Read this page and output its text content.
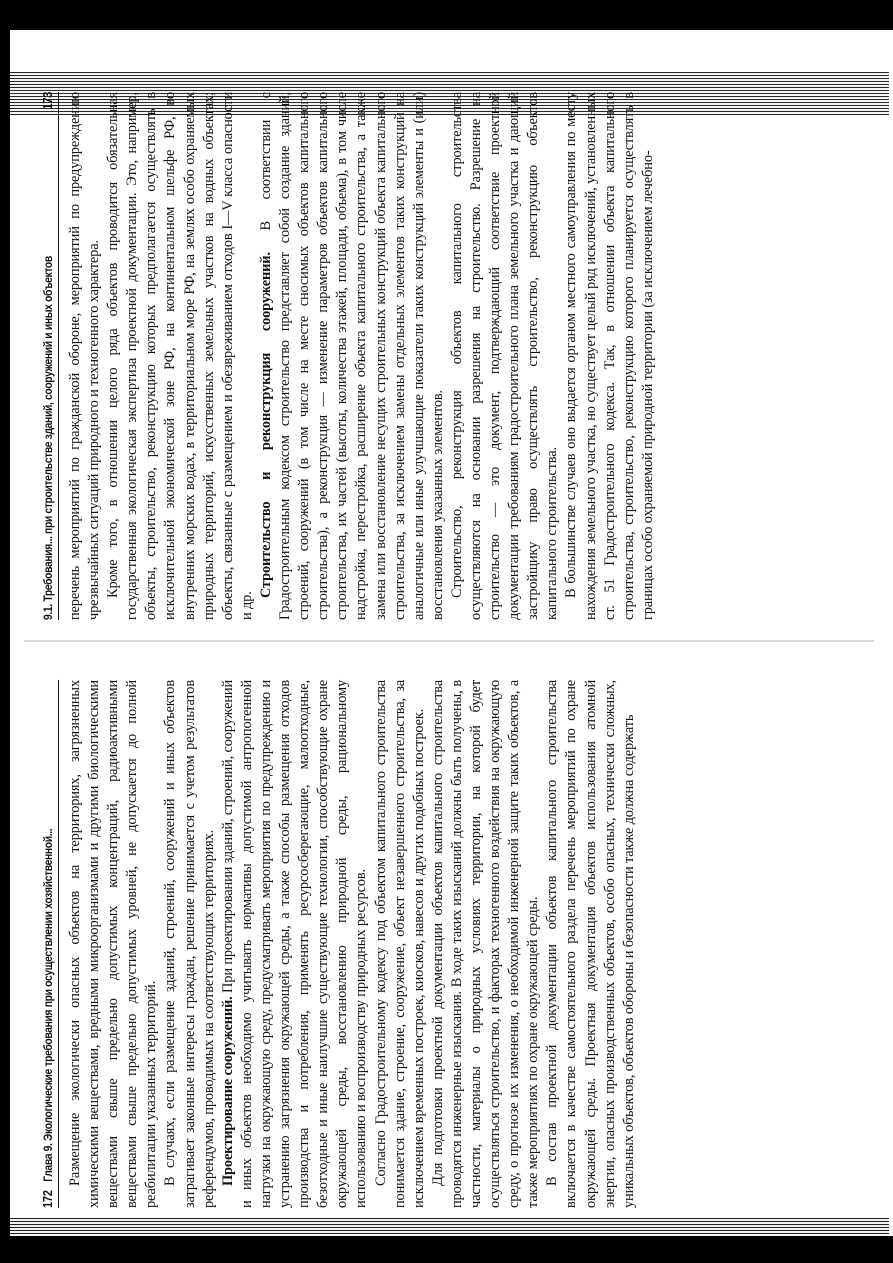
172
Глава 9. Экологические требования при осуществлении хозяйственной... Размещение экологически опасных объектов на территориях, загрязненных химическими веществами, вредными микроорганизмами и другими биологическими веществами свыше предельно допустимых концентраций, радиоактивными веществами свыше предельно допустимых уровней, не допускается до полной реабилитации указанных территорий. В случаях, если размещение зданий, строений, сооружений и иных объектов затрагивает законные интересы граждан, решение принимается с учетом результатов референдумов, проводимых на соответствующих территориях. Проектирование сооружений. При проектировании зданий, строений, сооружений и иных объектов необходимо учитывать нормативы допустимой антропогенной нагрузки на окружающую среду, предусматривать мероприятия по предупреждению и устранению загрязнения окружающей среды, а также способы размещения отходов производства и потребления, применять ресурсосберегающие, малоотходные, безотходные и иные наилучшие существующие технологии, способствующие охране окружающей среды, восстановлению природной среды, рациональному использованию и воспроизводству природных ресурсов. Согласно Градостроительному кодексу под объектом капитального строительства понимается здание, строение, сооружение, объект незавершенного строительства, за исключением временных построек, киосков, навесов и других подобных построек. Для подготовки проектной документации объектов капитального строительства проводятся инженерные изыскания. В ходе таких изысканий должны быть получены, в частности, материалы о природных условиях территории, на которой будет осуществляться строительство, и факторах техногенного воздействия на окружающую среду, о прогнозе их изменения, о необходимой инженерной защите таких объектов, а также мероприятиях по охране окружающей среды. В состав проектной документации объектов капитального строительства включается в качестве самостоятельного раздела перечень мероприятий по охране окружающей среды. Проектная документация объектов использования атомной энергии, опасных производственных объектов, особо опасных, технически сложных, уникальных объектов, объектов обороны и безопасности также должна содержать

9.1. Требования... при строительстве зданий, сооружений и иных объектов
173 перечень мероприятий по гражданской обороне, мероприятий по предупреждению чрезвычайных ситуаций природного и техногенного характера. Кроме того, в отношении целого ряда объектов проводится обязательная государственная экологическая экспертиза проектной документации. Это, например, объекты, строительство, реконструкцию которых предполагается осуществлять в исключительной экономической зоне РФ, на континентальном шельфе РФ, во внутренних морских водах, в территориальном море РФ, на землях особо охраняемых природных территорий, искусственных земельных участков на водных объектах; объекты, связанные с размещением и обезвреживанием отходов I—V класса опасности и др.

Строительство и реконструкция сооружений. В соответствии с Градостроительным кодексом строительство представляет собой создание зданий, строений, сооружений (в том числе на месте сносимых объектов капитального строительства), а реконструкция — изменение параметров объектов капитального строительства, их частей (высоты, количества этажей, площади, объема), в том числе надстройка, перестройка, расширение объекта капитального строительства, а также замена или восстановление несущих строительных конструкций объекта капитального строительства, за исключением замены отдельных элементов таких конструкций на аналогичные или иные улучшающие показатели таких конструкций элементы и (или) восстановления указанных элементов. Строительство, реконструкция объектов капитального строительства осуществляются на основании разрешения на строительство. Разрешение на строительство — это документ, подтверждающий соответствие проектной документации требованиям градостроительного плана земельного участка и дающий застройщику право осуществлять строительство, реконструкцию объектов капитального строительства. В большинстве случаев оно выдается органом местного самоуправления по месту нахождения земельного участка, но существует целый ряд исключений, установленных ст. 51 Градостроительного кодекса. Так, в отношении объекта капитального строительства, строительство, реконструкцию которого планируется осуществлять в границах особо охраняемой природной территории (за исключением лечебно-
